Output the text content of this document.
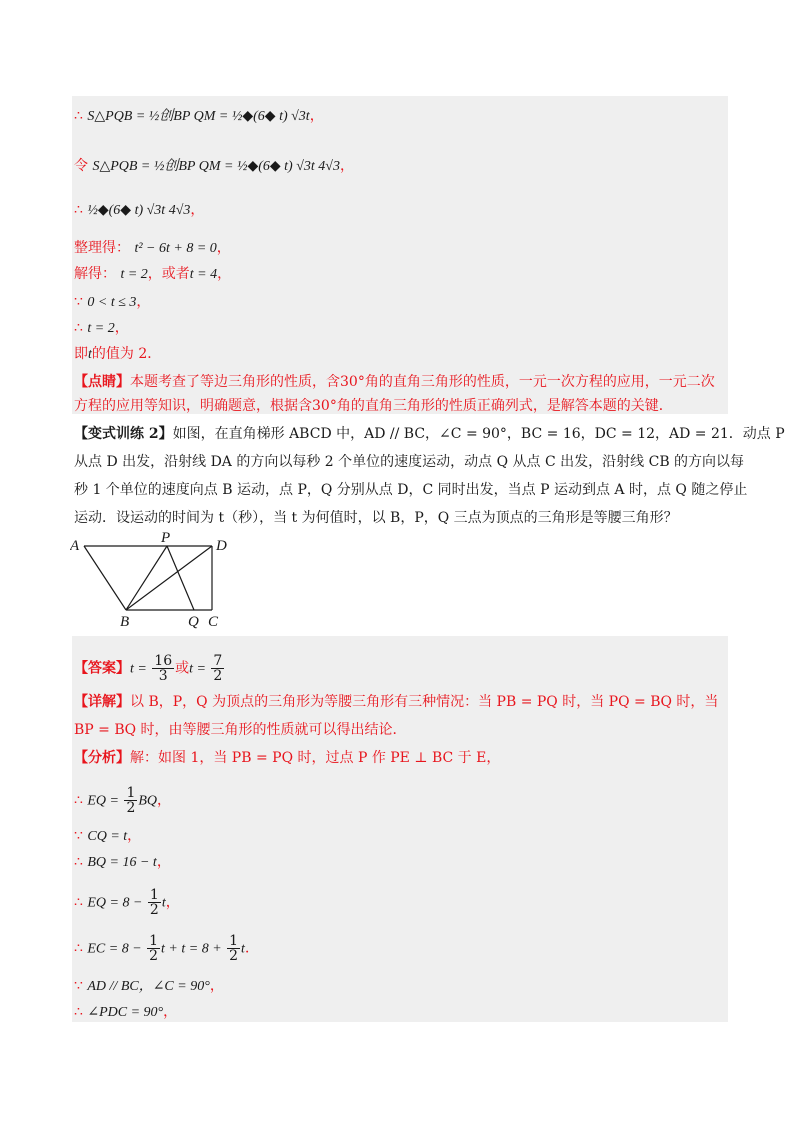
∴ S△PQB = ½创BP QM = ½◆(6◆ t) √3t，
令 S△PQB = ½创BP QM = ½◆(6◆ t) √3t 4√3，
∴ ½◆(6◆ t) √3t 4√3，
整理得： t² − 6t + 8 = 0，
解得： t = 2，或者t = 4，
∵ 0 < t ≤ 3，
∴ t = 2，
即t的值为 2．
【点睛】本题考查了等边三角形的性质，含30°角的直角三角形的性质，一元一次方程的应用，一元二次
方程的应用等知识，明确题意，根据含30°角的直角三角形的性质正确列式，是解答本题的关键．
【变式训练 2】如图，在直角梯形 ABCD 中，AD // BC，∠C = 90°，BC = 16，DC = 12，AD = 21．动点 P
从点 D 出发，沿射线 DA 的方向以每秒 2 个单位的速度运动，动点 Q 从点 C 出发，沿射线 CB 的方向以每
秒 1 个单位的速度向点 B 运动，点 P，Q 分别从点 D，C 同时出发，当点 P 运动到点 A 时，点 Q 随之停止
运动．设运动的时间为 t（秒），当 t 为何值时，以 B，P，Q 三点为顶点的三角形是等腰三角形？
A	P	D
B	Q C
【答案】$t = \frac{16}{3}$ 或$t = \frac{7}{2}$
【详解】以 B，P，Q 为顶点的三角形为等腰三角形有三种情况：当 PB = PQ 时，当 PQ = BQ 时，当
BP = BQ 时，由等腰三角形的性质就可以得出结论．
【分析】解：如图 1，当 PB = PQ 时，过点 P 作 PE ⊥ BC 于 E，
∴ EQ = $\frac{1}{2}$ BQ，
∵ CQ = t，
∴ BQ = 16 − t，
∴ EQ = $8 - \frac{1}{2}$ t，
∴ EC = $8 - \frac{1}{2}$ $t + t = 8 + \frac{1}{2}$ t．
∵ AD // BC，∠C = 90°，
∴ ∠PDC = 90°，
